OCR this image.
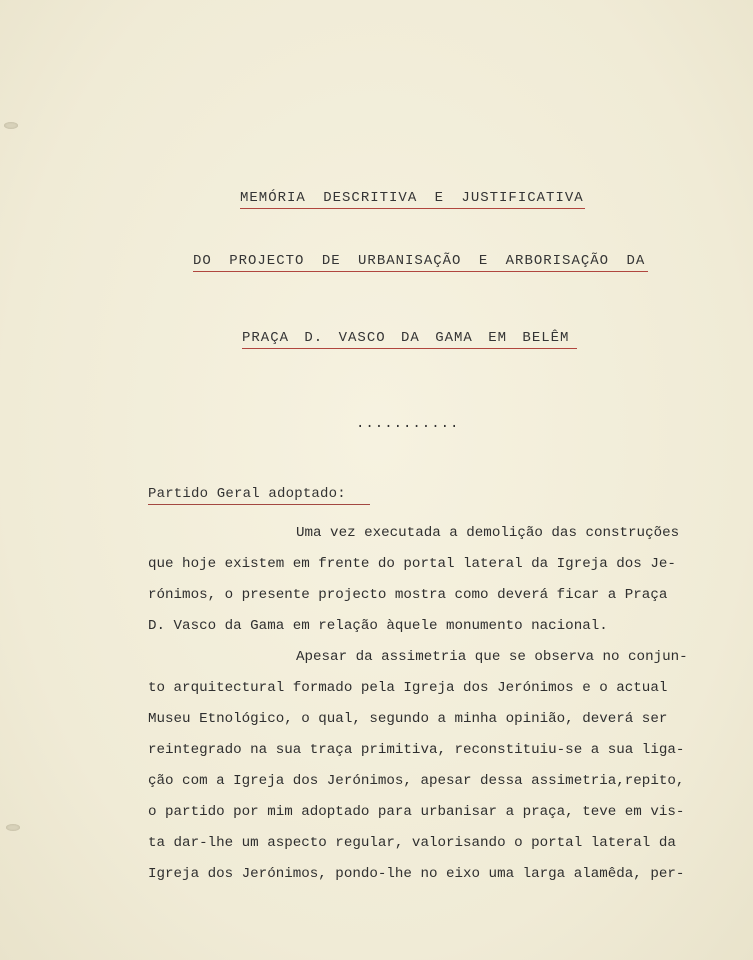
MEMÓRIA DESCRITIVA E JUSTIFICATIVA
DO PROJECTO DE URBANISAÇÃO E ARBORISAÇÃO DA
PRAÇA D. VASCO DA GAMA EM BELÊM
...........
Partido Geral adoptado:
Uma vez executada a demolição das construções
que hoje existem em frente do portal lateral da Igreja dos Je-
rónimos, o presente projecto mostra como deverá ficar a Praça
D. Vasco da Gama em relação àquele monumento nacional.
Apesar da assimetria que se observa no conjun-
to arquitectural formado pela Igreja dos Jerónimos e o actual
Museu Etnológico, o qual, segundo a minha opinião, deverá ser
reintegrado na sua traça primitiva, reconstituiu-se a sua liga-
ção com a Igreja dos Jerónimos, apesar dessa assimetria,repito,
o partido por mim adoptado para urbanisar a praça, teve em vis-
ta dar-lhe um aspecto regular, valorisando o portal lateral da
Igreja dos Jerónimos, pondo-lhe no eixo uma larga alamêda, per-
